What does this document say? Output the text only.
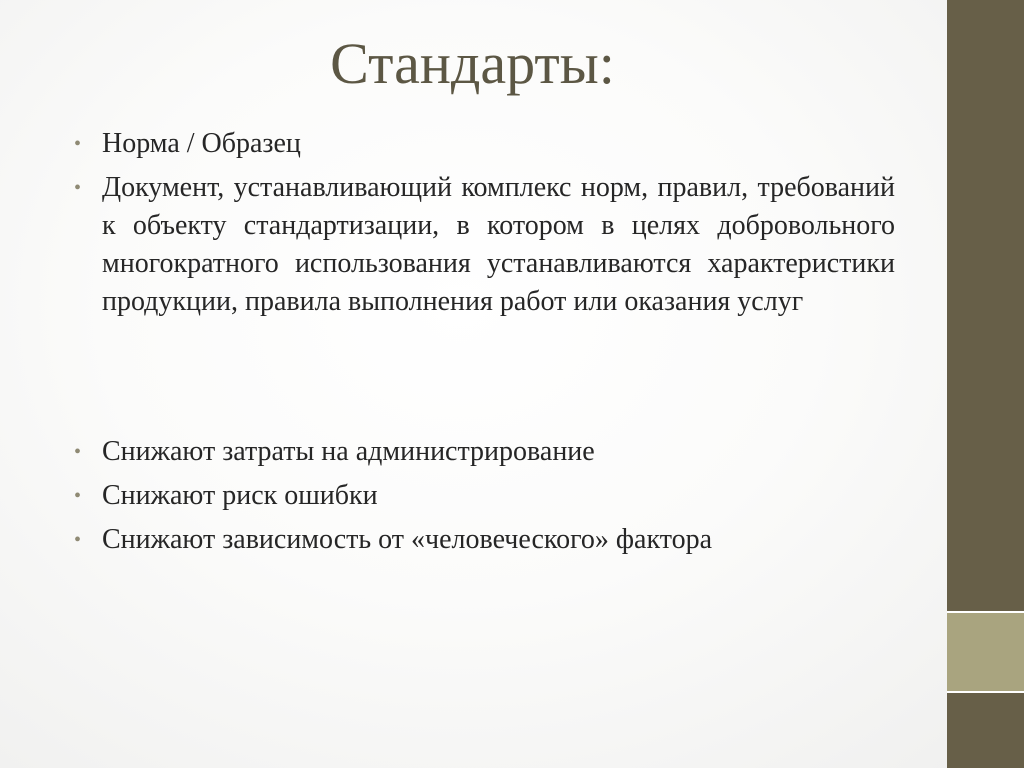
Стандарты:
• Норма / Образец
• Документ, устанавливающий комплекс норм, правил, требований к объекту стандартизации, в котором в целях добровольного многократного использования устанавливаются характеристики продукции, правила выполнения работ или оказания услуг
• Снижают затраты на администрирование
• Снижают риск ошибки
• Снижают зависимость от «человеческого» фактора
